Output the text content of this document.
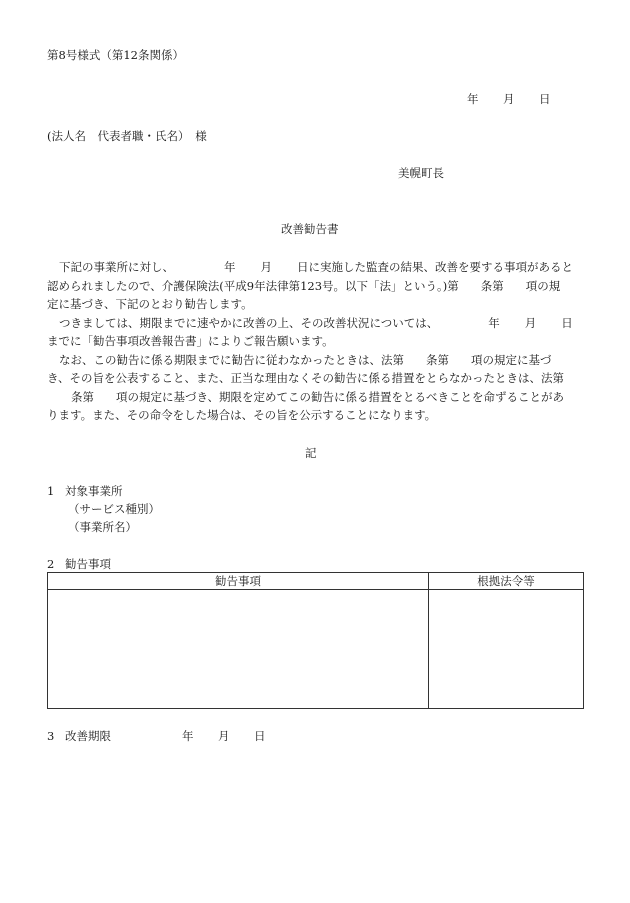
第8号様式（第12条関係）
年 月 日
(法人名　代表者職・氏名）　様
美幌町長
改善勧告書
下記の事業所に対し、	年 月 日に実施した監査の結果、改善を要する事項があると
認められましたので、介護保険法(平成9年法律第123号。以下「法」という。)第 条第 項の規
定に基づき、下記のとおり勧告します。
つきましては、期限までに速やかに改善の上、その改善状況については、	年 月 日
までに「勧告事項改善報告書」によりご報告願います。
なお、この勧告に係る期限までに勧告に従わなかったときは、法第 条第 項の規定に基づ
き、その旨を公表すること、また、正当な理由なくその勧告に係る措置をとらなかったときは、法第
条第 項の規定に基づき、期限を定めてこの勧告に係る措置をとるべきことを命ずることがあ
ります。また、その命令をした場合は、その旨を公示することになります。
記
1 対象事業所
（サービス種別）
（事業所名）
2 勧告事項
勧告事項	根拠法令等

3 改善期限	年 月 日
